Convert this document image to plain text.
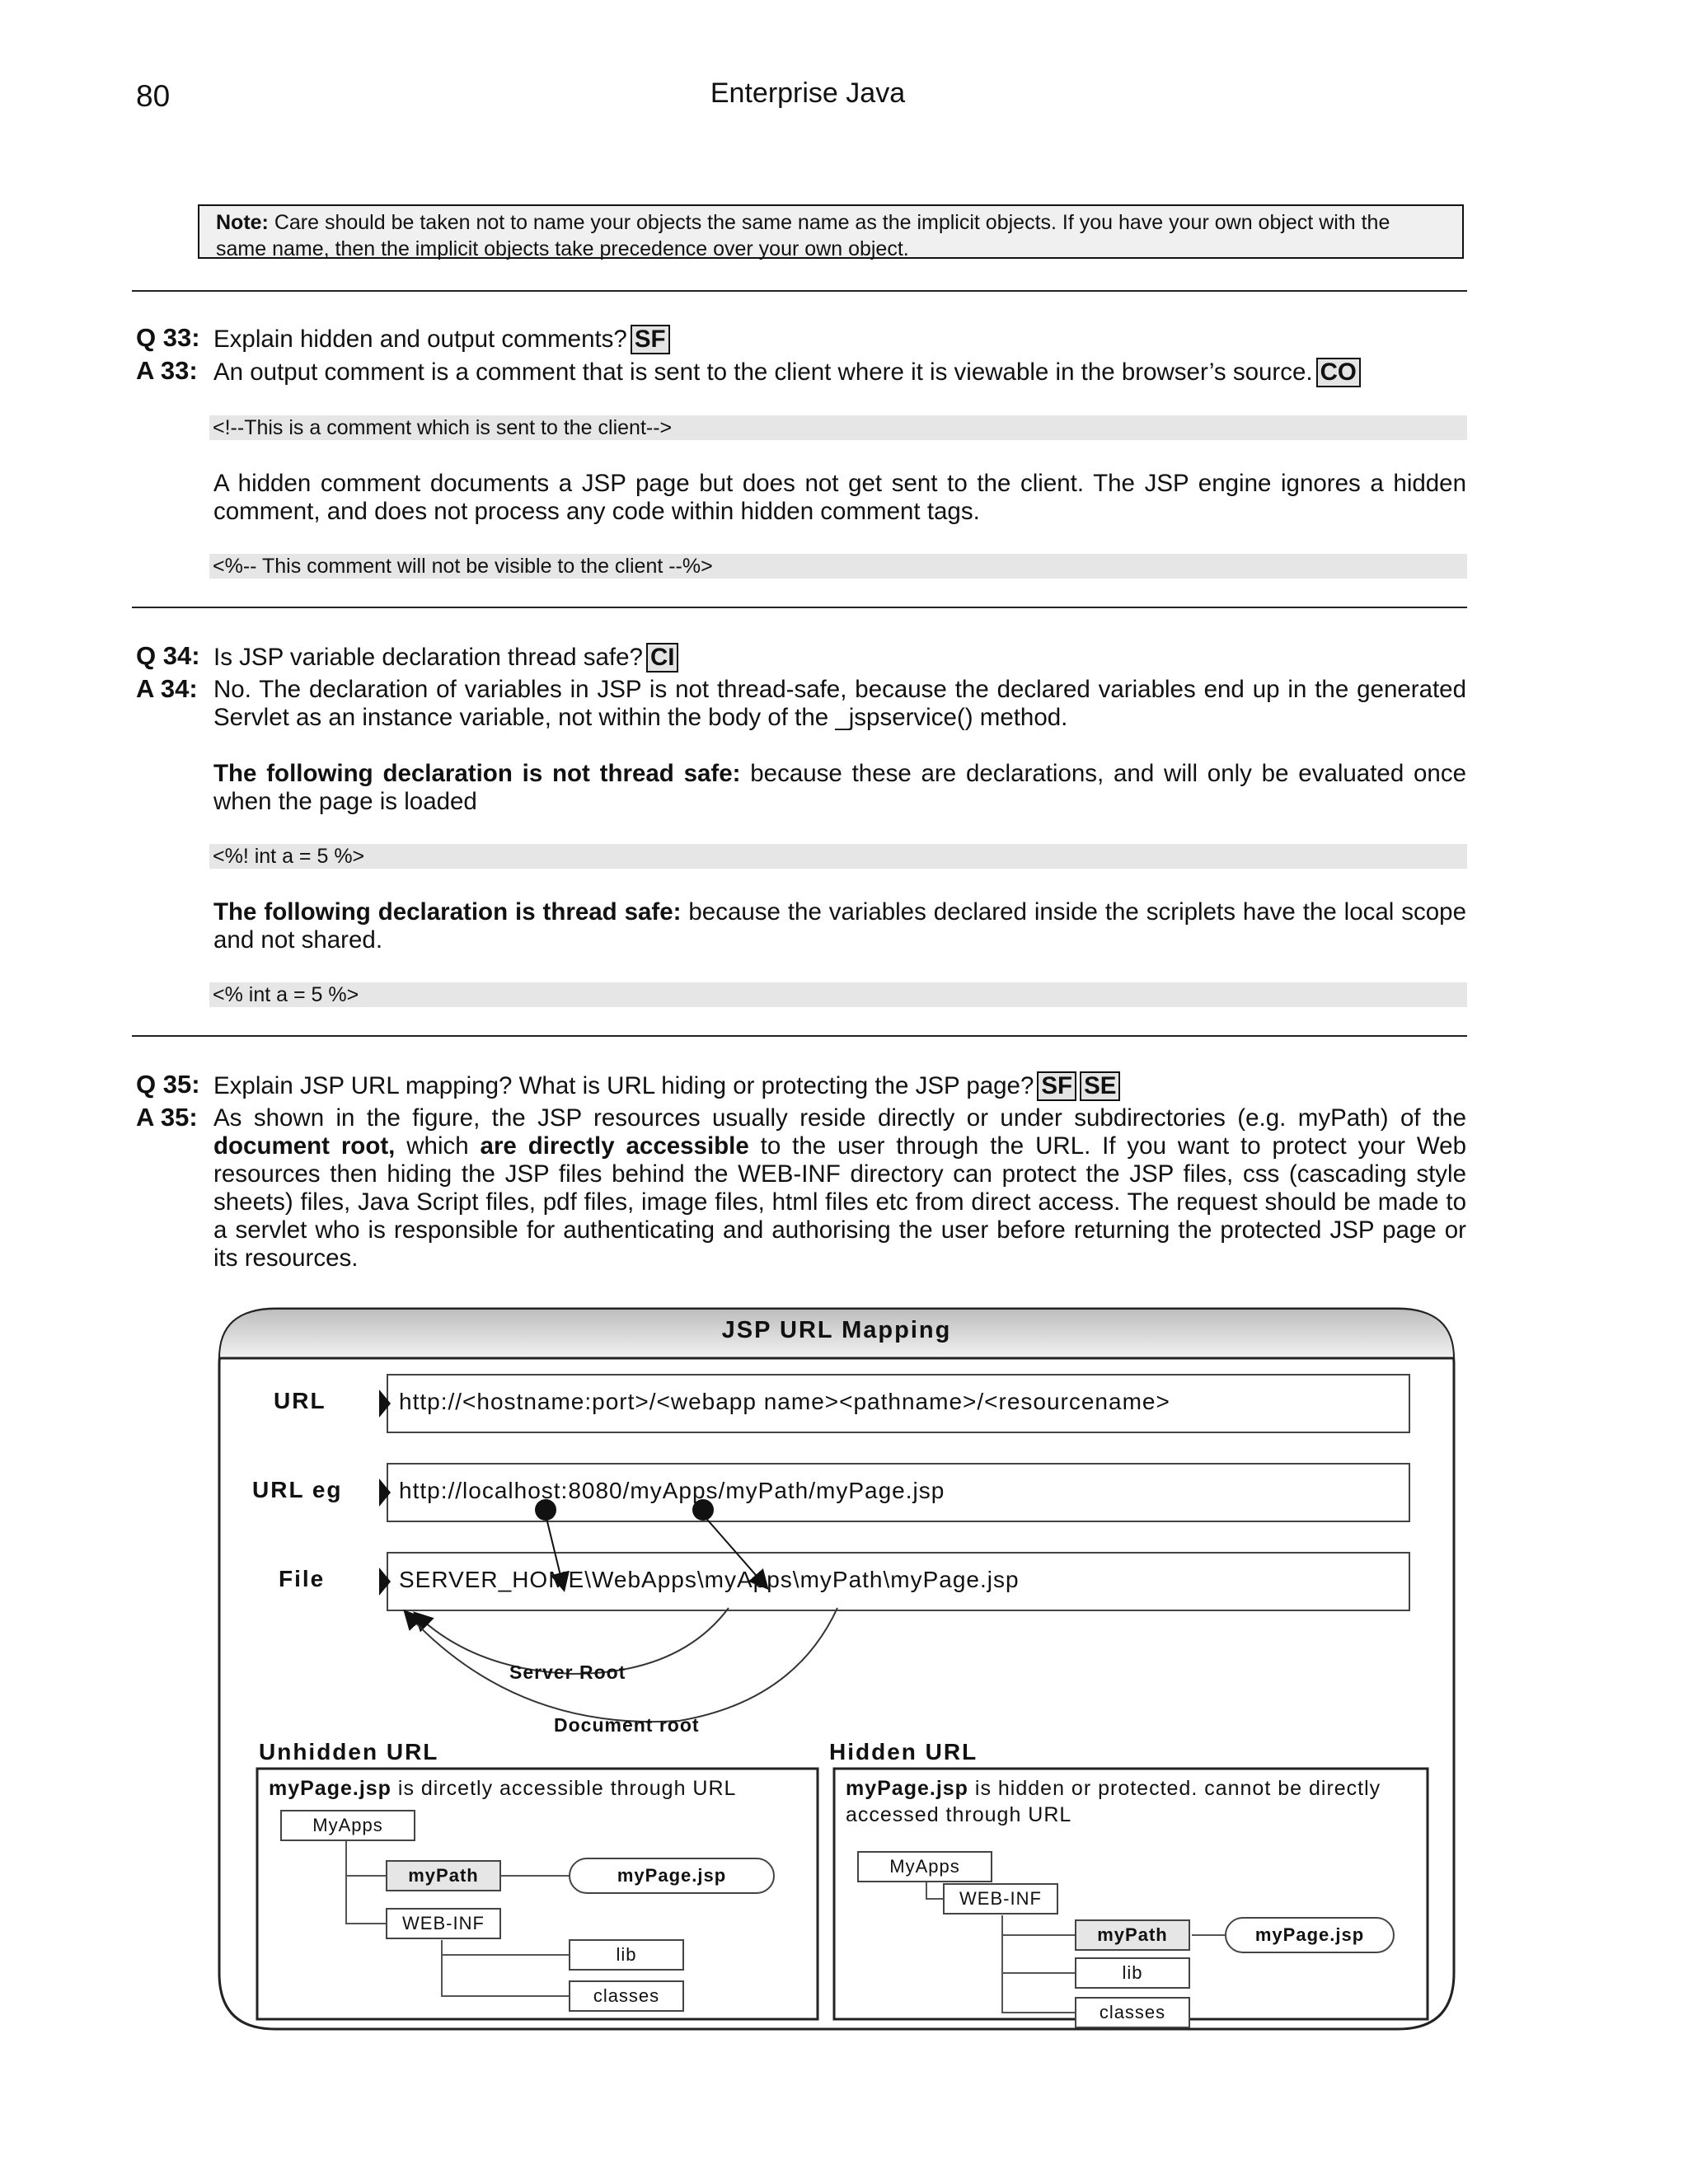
80	Enterprise Java
Note: Care should be taken not to name your objects the same name as the implicit objects. If you have your own object with the same name, then the implicit objects take precedence over your own object.
Q 33: Explain hidden and output comments? SF
A 33: An output comment is a comment that is sent to the client where it is viewable in the browser’s source. CO
<!--This is a comment which is sent to the client-->
A hidden comment documents a JSP page but does not get sent to the client. The JSP engine ignores a hidden comment, and does not process any code within hidden comment tags.
<%-- This comment will not be visible to the client --%>
Q 34: Is JSP variable declaration thread safe? CI
A 34: No. The declaration of variables in JSP is not thread-safe, because the declared variables end up in the generated Servlet as an instance variable, not within the body of the _jspservice() method.
The following declaration is not thread safe: because these are declarations, and will only be evaluated once when the page is loaded
<%! int a = 5 %>
The following declaration is thread safe: because the variables declared inside the scriplets have the local scope and not shared.
<% int a = 5 %>
Q 35: Explain JSP URL mapping? What is URL hiding or protecting the JSP page? SF SE
A 35: As shown in the figure, the JSP resources usually reside directly or under subdirectories (e.g. myPath) of the document root, which are directly accessible to the user through the URL. If you want to protect your Web resources then hiding the JSP files behind the WEB-INF directory can protect the JSP files, css (cascading style sheets) files, Java Script files, pdf files, image files, html files etc from direct access. The request should be made to a servlet who is responsible for authenticating and authorising the user before returning the protected JSP page or its resources.
JSP URL Mapping
URL	http://<hostname:port>/<webapp name><pathname>/<resourcename>
URL eg http://localhost:8080/myApps/myPath/myPage.jsp
File	SERVER_HOME\WebApps\myApps\myPath\myPage.jsp
Server Root
Document root
Unhidden URL
myPage.jsp is dircetly accessible through URL
MyApps
myPath	myPage.jsp
WEB-INF
lib
classes
Hidden URL
myPage.jsp is hidden or protected. cannot be directly accessed through URL
MyApps
WEB-INF
myPath	myPage.jsp
lib
classes
